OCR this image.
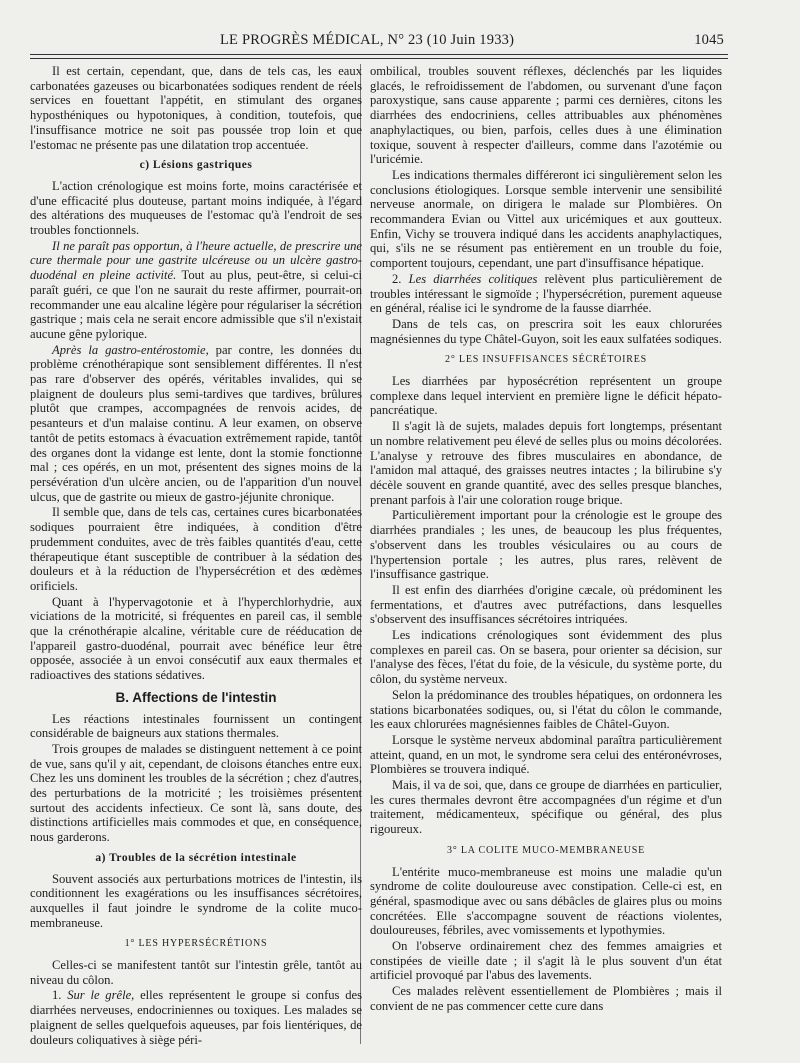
LE PROGRÈS MÉDICAL, N° 23 (10 Juin 1933)	1045

Il est certain, cependant, que, dans de tels cas, les eaux carbonatées gazeuses ou bicarbonatées sodiques rendent de réels services en fouettant l'appétit, en stimulant des organes hyposthéniques ou hypotoniques, à condition, toutefois, que l'insuffisance motrice ne soit pas poussée trop loin et que l'estomac ne présente pas une dilatation trop accentuée.

c) Lésions gastriques

L'action crénologique est moins forte, moins caractérisée et d'une efficacité plus douteuse, partant moins indiquée, à l'égard des altérations des muqueuses de l'estomac qu'à l'endroit de ses troubles fonctionnels.

Il ne paraît pas opportun, à l'heure actuelle, de prescrire une cure thermale pour une gastrite ulcéreuse ou un ulcère gastro-duodénal en pleine activité. Tout au plus, peut-être, si celui-ci paraît guéri, ce que l'on ne saurait du reste affirmer, pourrait-on recommander une eau alcaline légère pour régulariser la sécrétion gastrique ; mais cela ne serait encore admissible que s'il n'existait aucune gêne pylorique.

Après la gastro-entérostomie, par contre, les données du problème crénothérapique sont sensiblement différentes. Il n'est pas rare d'observer des opérés, véritables invalides, qui se plaignent de douleurs plus semi-tardives que tardives, brûlures plutôt que crampes, accompagnées de renvois acides, de pesanteurs et d'un malaise continu. A leur examen, on observe tantôt de petits estomacs à évacuation extrêmement rapide, tantôt des organes dont la vidange est lente, dont la stomie fonctionne mal ; ces opérés, en un mot, présentent des signes moins de la persévération d'un ulcère ancien, ou de l'apparition d'un nouvel ulcus, que de gastrite ou mieux de gastro-jéjunite chronique.

Il semble que, dans de tels cas, certaines cures bicarbonatées sodiques pourraient être indiquées, à condition d'être prudemment conduites, avec de très faibles quantités d'eau, cette thérapeutique étant susceptible de contribuer à la sédation des douleurs et à la réduction de l'hypersécrétion et des œdèmes orificiels.

Quant à l'hypervagotonie et à l'hyperchlorhydrie, aux viciations de la motricité, si fréquentes en pareil cas, il semble que la crénothérapie alcaline, véritable cure de rééducation de l'appareil gastro-duodénal, pourrait avec bénéfice leur être opposée, associée à un envoi consécutif aux eaux thermales et radioactives des stations sédatives.

B. Affections de l'intestin

Les réactions intestinales fournissent un contingent considérable de baigneurs aux stations thermales.

Trois groupes de malades se distinguent nettement à ce point de vue, sans qu'il y ait, cependant, de cloisons étanches entre eux. Chez les uns dominent les troubles de la sécrétion ; chez d'autres, des perturbations de la motricité ; les troisièmes présentent surtout des accidents infectieux. Ce sont là, sans doute, des distinctions artificielles mais commodes et que, en conséquence, nous garderons.

a) Troubles de la sécrétion intestinale

Souvent associés aux perturbations motrices de l'intestin, ils conditionnent les exagérations ou les insuffisances sécrétoires, auxquelles il faut joindre le syndrome de la colite muco-membraneuse.

1° LES HYPERSÉCRÉTIONS

Celles-ci se manifestent tantôt sur l'intestin grêle, tantôt au niveau du côlon.

1. Sur le grêle, elles représentent le groupe si confus des diarrhées nerveuses, endocriniennes ou toxiques. Les malades se plaignent de selles quelquefois aqueuses, par fois lientériques, de douleurs coliquatives à siège péri-

ombilical, troubles souvent réflexes, déclenchés par les liquides glacés, le refroidissement de l'abdomen, ou survenant d'une façon paroxystique, sans cause apparente ; parmi ces dernières, citons les diarrhées des endocriniens, celles attribuables aux phénomènes anaphylactiques, ou bien, parfois, celles dues à une élimination toxique, souvent à respecter d'ailleurs, comme dans l'azotémie ou l'uricémie.

Les indications thermales différeront ici singulièrement selon les conclusions étiologiques. Lorsque semble intervenir une sensibilité nerveuse anormale, on dirigera le malade sur Plombières. On recommandera Evian ou Vittel aux uricémiques et aux goutteux. Enfin, Vichy se trouvera indiqué dans les accidents anaphylactiques, qui, s'ils ne se résument pas entièrement en un trouble du foie, comportent toujours, cependant, une part d'insuffisance hépatique.

2. Les diarrhées colitiques relèvent plus particulièrement de troubles intéressant le sigmoïde ; l'hypersécrétion, purement aqueuse en général, réalise ici le syndrome de la fausse diarrhée.

Dans de tels cas, on prescrira soit les eaux chlorurées magnésiennes du type Châtel-Guyon, soit les eaux sulfatées sodiques.

2° LES INSUFFISANCES SÉCRÉTOIRES

Les diarrhées par hyposécrétion représentent un groupe complexe dans lequel intervient en première ligne le déficit hépato-pancréatique.

Il s'agit là de sujets, malades depuis fort longtemps, présentant un nombre relativement peu élevé de selles plus ou moins décolorées. L'analyse y retrouve des fibres musculaires en abondance, de l'amidon mal attaqué, des graisses neutres intactes ; la bilirubine s'y décèle souvent en grande quantité, avec des selles presque blanches, prenant parfois à l'air une coloration rouge brique.

Particulièrement important pour la crénologie est le groupe des diarrhées prandiales ; les unes, de beaucoup les plus fréquentes, s'observent dans les troubles vésiculaires ou au cours de l'hypertension portale ; les autres, plus rares, relèvent de l'insuffisance gastrique.

Il est enfin des diarrhées d'origine cæcale, où prédominent les fermentations, et d'autres avec putréfactions, dans lesquelles s'observent des insuffisances sécrétoires intriquées.

Les indications crénologiques sont évidemment des plus complexes en pareil cas. On se basera, pour orienter sa décision, sur l'analyse des fèces, l'état du foie, de la vésicule, du système porte, du côlon, du système nerveux.

Selon la prédominance des troubles hépatiques, on ordonnera les stations bicarbonatées sodiques, ou, si l'état du côlon le commande, les eaux chlorurées magnésiennes faibles de Châtel-Guyon.

Lorsque le système nerveux abdominal paraîtra particulièrement atteint, quand, en un mot, le syndrome sera celui des entéronévroses, Plombières se trouvera indiqué.

Mais, il va de soi, que, dans ce groupe de diarrhées en particulier, les cures thermales devront être accompagnées d'un régime et d'un traitement, médicamenteux, spécifique ou général, des plus rigoureux.

3° LA COLITE MUCO-MEMBRANEUSE

L'entérite muco-membraneuse est moins une maladie qu'un syndrome de colite douloureuse avec constipation. Celle-ci est, en général, spasmodique avec ou sans débâcles de glaires plus ou moins concrétées. Elle s'accompagne souvent de réactions violentes, douloureuses, fébriles, avec vomissements et lypothymies.

On l'observe ordinairement chez des femmes amaigries et constipées de vieille date ; il s'agit là le plus souvent d'un état artificiel provoqué par l'abus des lavements.

Ces malades relèvent essentiellement de Plombières ; mais il convient de ne pas commencer cette cure dans
